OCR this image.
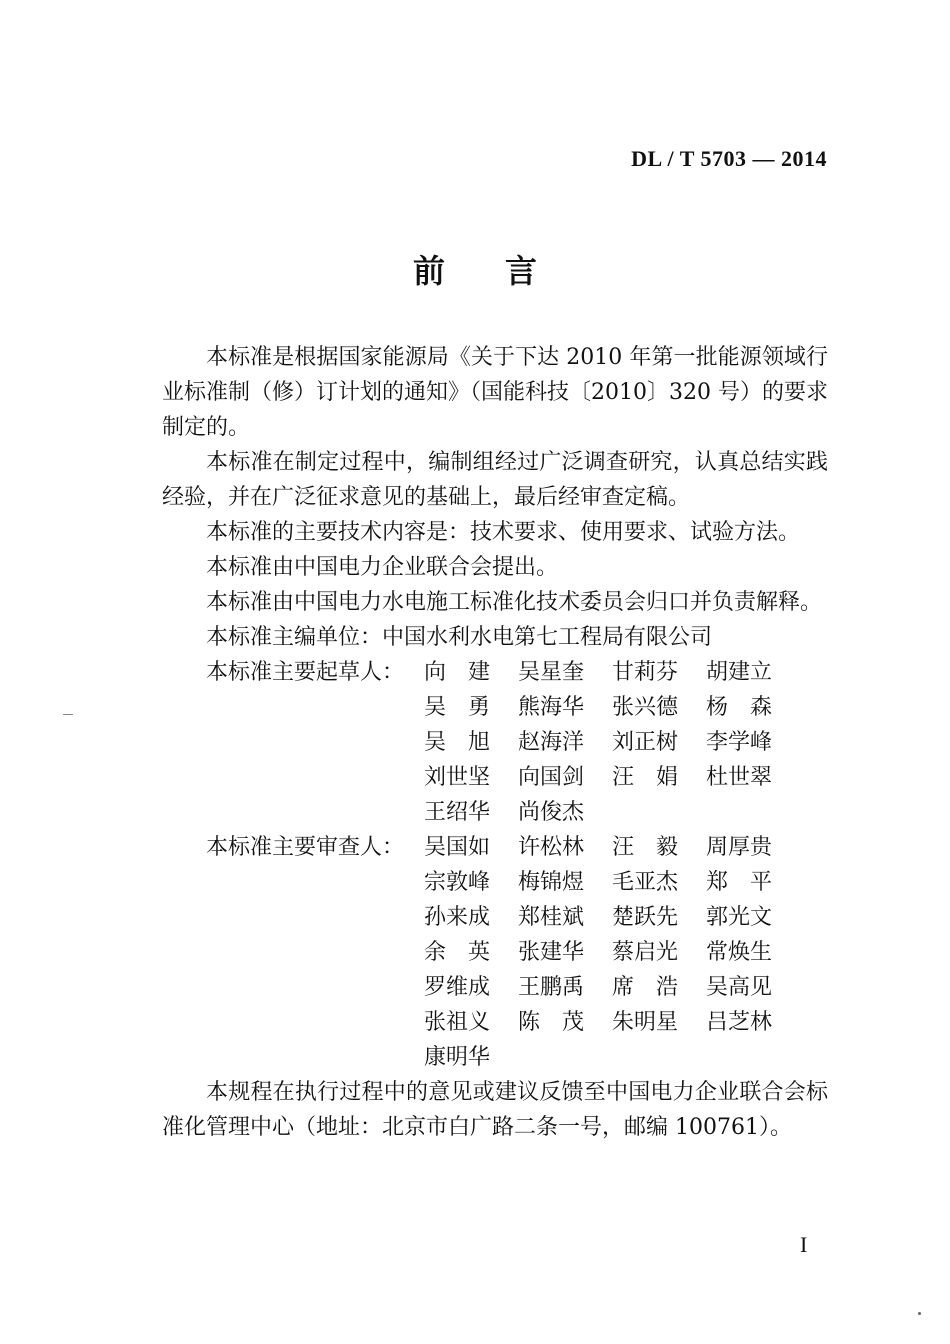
DL / T 5703 — 2014
前言

本标准是根据国家能源局《关于下达 2010 年第一批能源领域行业标准制（修）订计划的通知》（国能科技〔2010〕320 号）的要求制定的。

本标准在制定过程中，编制组经过广泛调查研究，认真总结实践经验，并在广泛征求意见的基础上，最后经审查定稿。

本标准的主要技术内容是：技术要求、使用要求、试验方法。

本标准由中国电力企业联合会提出。

本标准由中国电力水电施工标准化技术委员会归口并负责解释。

本标准主编单位：中国水利水电第七工程局有限公司

本标准主要起草人： 向　建	吴星奎	甘莉芬	胡建立
吴　勇	熊海华	张兴德	杨　森
吴　旭	赵海洋	刘正树	李学峰
刘世坚	向国剑	汪　娟	杜世翠
王绍华	尚俊杰
本标准主要审查人： 吴国如	许松林	汪　毅	周厚贵
宗敦峰	梅锦煜	毛亚杰	郑　平
孙来成	郑桂斌	楚跃先	郭光文
余　英	张建华	蔡启光	常焕生
罗维成	王鹏禹	席　浩	吴高见
张祖义	陈　茂	朱明星	吕芝林
康明华

本规程在执行过程中的意见或建议反馈至中国电力企业联合会标准化管理中心（地址：北京市白广路二条一号，邮编 100761）。

I
